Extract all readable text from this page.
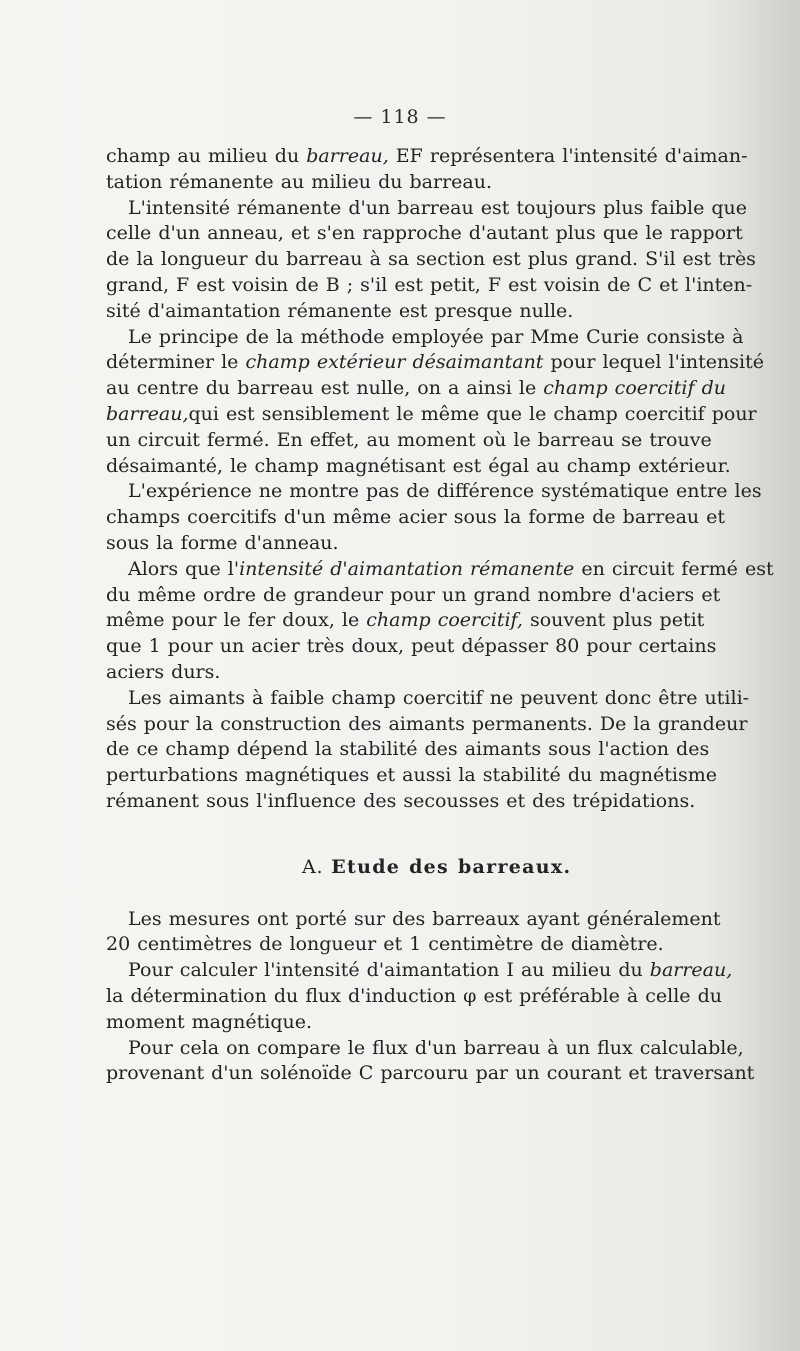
— 118 —
champ au milieu du barreau, EF représentera l'intensité d'aiman-
tation rémanente au milieu du barreau.
L'intensité rémanente d'un barreau est toujours plus faible que
celle d'un anneau, et s'en rapproche d'autant plus que le rapport
de la longueur du barreau à sa section est plus grand. S'il est très
grand, F est voisin de B ; s'il est petit, F est voisin de C et l'inten-
sité d'aimantation rémanente est presque nulle.
Le principe de la méthode employée par Mme Curie consiste à
déterminer le champ extérieur désaimantant pour lequel l'intensité
au centre du barreau est nulle, on a ainsi le champ coercitif du
barreau,qui est sensiblement le même que le champ coercitif pour
un circuit fermé. En effet, au moment où le barreau se trouve
désaimanté, le champ magnétisant est égal au champ extérieur.
L'expérience ne montre pas de différence systématique entre les
champs coercitifs d'un même acier sous la forme de barreau et
sous la forme d'anneau.
Alors que l'intensité d'aimantation rémanente en circuit fermé est
du même ordre de grandeur pour un grand nombre d'aciers et
même pour le fer doux, le champ coercitif, souvent plus petit
que 1 pour un acier très doux, peut dépasser 80 pour certains
aciers durs.
Les aimants à faible champ coercitif ne peuvent donc être utili-
sés pour la construction des aimants permanents. De la grandeur
de ce champ dépend la stabilité des aimants sous l'action des
perturbations magnétiques et aussi la stabilité du magnétisme
rémanent sous l'influence des secousses et des trépidations.
A. Etude des barreaux.
Les mesures ont porté sur des barreaux ayant généralement
20 centimètres de longueur et 1 centimètre de diamètre.
Pour calculer l'intensité d'aimantation I au milieu du barreau,
la détermination du flux d'induction φ est préférable à celle du
moment magnétique.
Pour cela on compare le flux d'un barreau à un flux calculable,
provenant d'un solénoïde C parcouru par un courant et traversant
